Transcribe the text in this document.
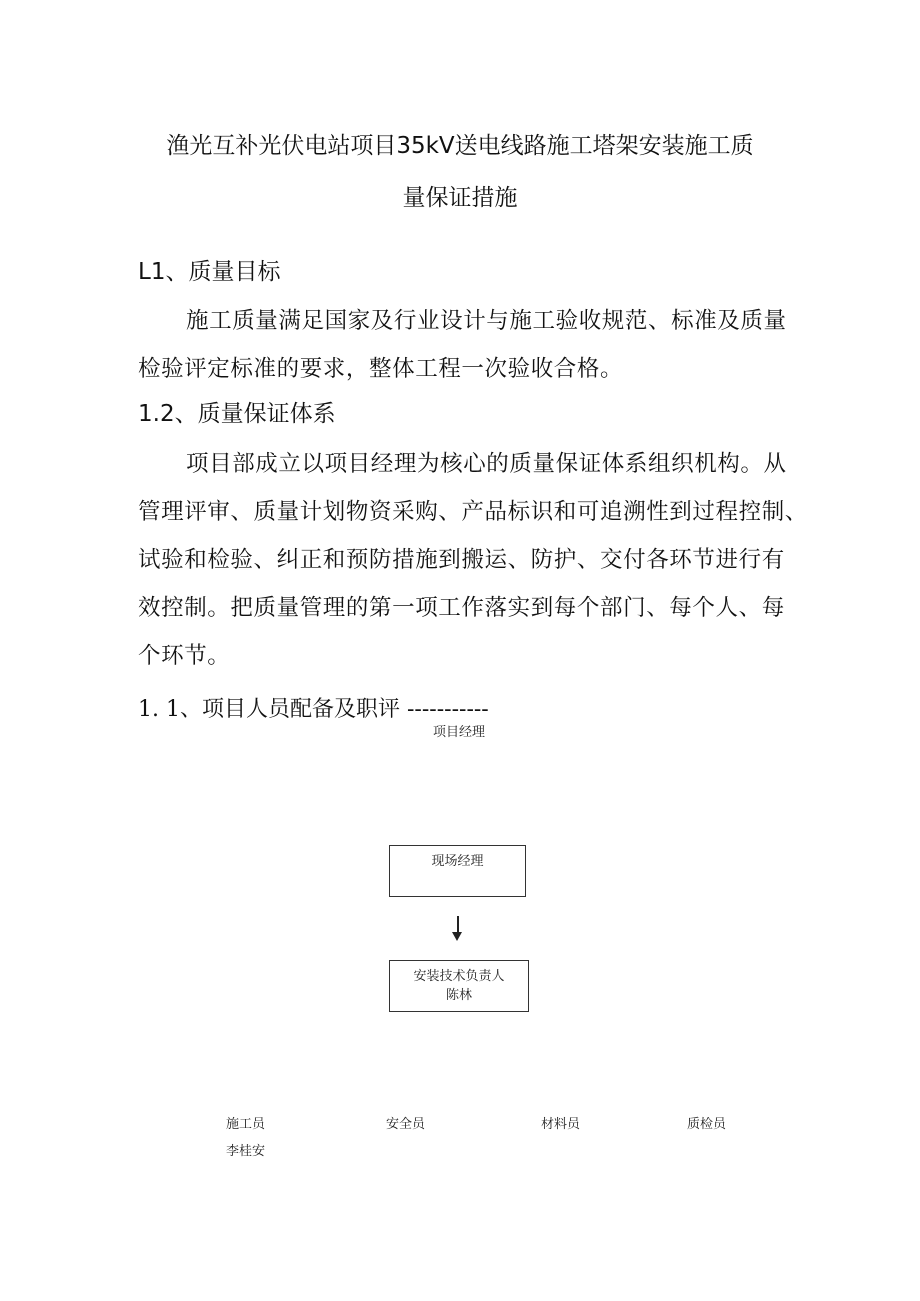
渔光互补光伏电站项目35kV送电线路施工塔架安装施工质
量保证措施
L1、质量目标
施工质量满足国家及行业设计与施工验收规范、标准及质量
检验评定标准的要求，整体工程一次验收合格。
1.2、质量保证体系
项目部成立以项目经理为核心的质量保证体系组织机构。从
管理评审、质量计划物资采购、产品标识和可追溯性到过程控制、
试验和检验、纠正和预防措施到搬运、防护、交付各环节进行有
效控制。把质量管理的第一项工作落实到每个部门、每个人、每
个环节。
1. 1、项目人员配备及职评 -----------
项目经理
现场经理
安装技术负责人
陈林
施工员	安全员	材料员	质检员
李桂安
